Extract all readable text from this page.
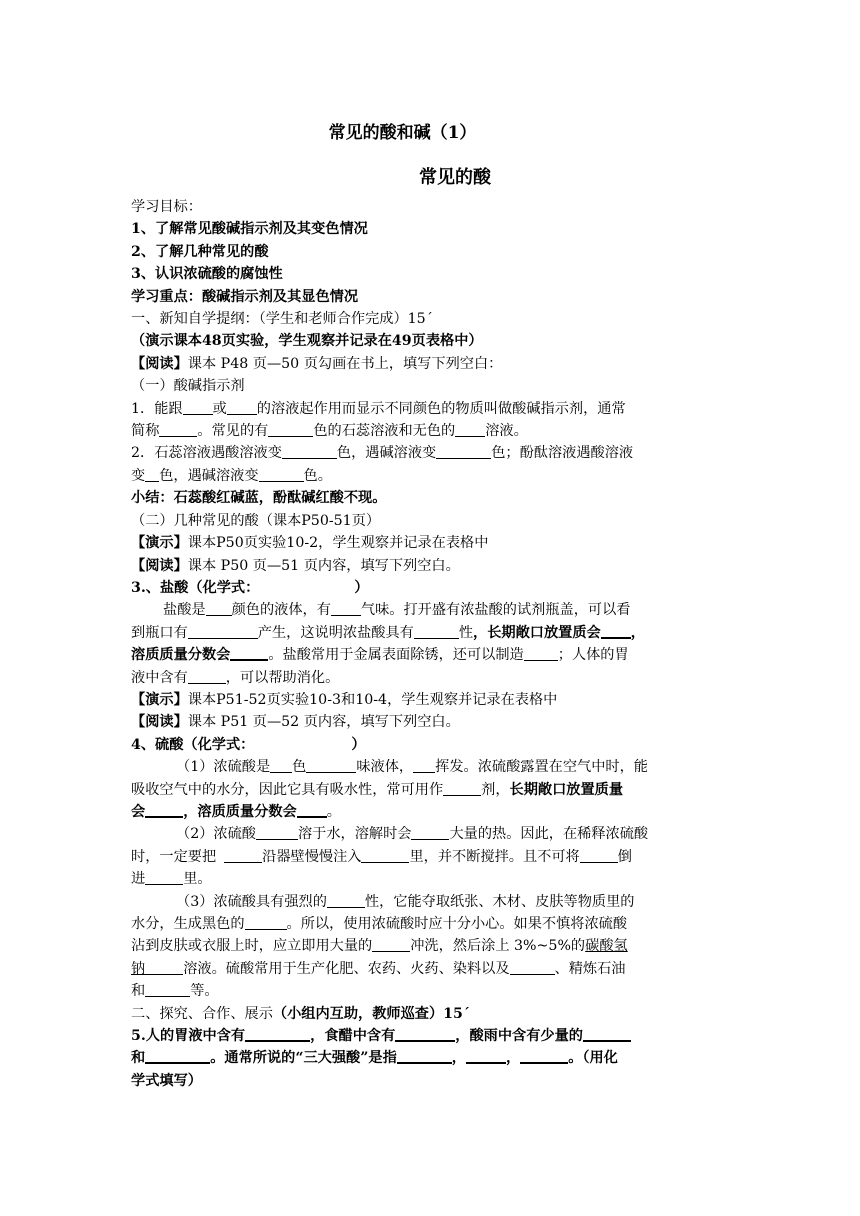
常见的酸和碱（1）
常见的酸

学习目标：

1、了解常见酸碱指示剂及其变色情况

2、了解几种常见的酸

3、认识浓硫酸的腐蚀性

学习重点：酸碱指示剂及其显色情况

一、新知自学提纲：（学生和老师合作完成）15´

（演示课本48页实验，学生观察并记录在49页表格中）

【阅读】课本 P48 页—50 页勾画在书上，填写下列空白：

（一）酸碱指示剂

1．能跟 或 的溶液起作用而显示不同颜色的物质叫做酸碱指示剂，通常

简称	。常见的有	色的石蕊溶液和无色的 溶液。

2．石蕊溶液遇酸溶液变	色，遇碱溶液变	色；酚酞溶液遇酸溶液

变 色，遇碱溶液变	色。

小结：石蕊酸红碱蓝，酚酞碱红酸不现。

（二）几种常见的酸（课本P50-51页）

【演示】课本P50页实验10-2，学生观察并记录在表格中

【阅读】课本 P50 页—51 页内容，填写下列空白。

3.、盐酸（化学式：	）

盐酸是 颜色的液体，有 气味。打开盛有浓盐酸的试剂瓶盖，可以看

到瓶口有	产生，这说明浓盐酸具有	性，长期敞口放置质会 ，

溶质质量分数会	。盐酸常用于金属表面除锈，还可以制造 ；人体的胃

液中含有	，可以帮助消化。

【演示】课本P51-52页实验10-3和10-4，学生观察并记录在表格中

【阅读】课本 P51 页—52 页内容，填写下列空白。

4、硫酸（化学式：	）

（1）浓硫酸是 色	味液体， 挥发。浓硫酸露置在空气中时，能

吸收空气中的水分，因此它具有吸水性，常可用作	剂，长期敞口放置质量

会	，溶质质量分数会 。

（2）浓硫酸	溶于水，溶解时会	大量的热。因此，在稀释浓硫酸

时，一定要把	沿器壁慢慢注入	里，并不断搅拌。且不可将	倒

进	里。

（3）浓硫酸具有强烈的	性，它能夺取纸张、木材、皮肤等物质里的

水分，生成黑色的	。所以，使用浓硫酸时应十分小心。如果不慎将浓硫酸

沾到皮肤或衣服上时，应立即用大量的	冲洗，然后涂上 3%~5%的碳酸氢

钠	溶液。硫酸常用于生产化肥、农药、火药、染料以及	、精炼石油

和	等。

二、探究、合作、展示（小组内互助，教师巡查）15´

5.人的胃液中含有	，食醋中含有	，酸雨中含有少量的

和	。通常所说的“三大强酸”是指	，	，	。（用化

学式填写）
